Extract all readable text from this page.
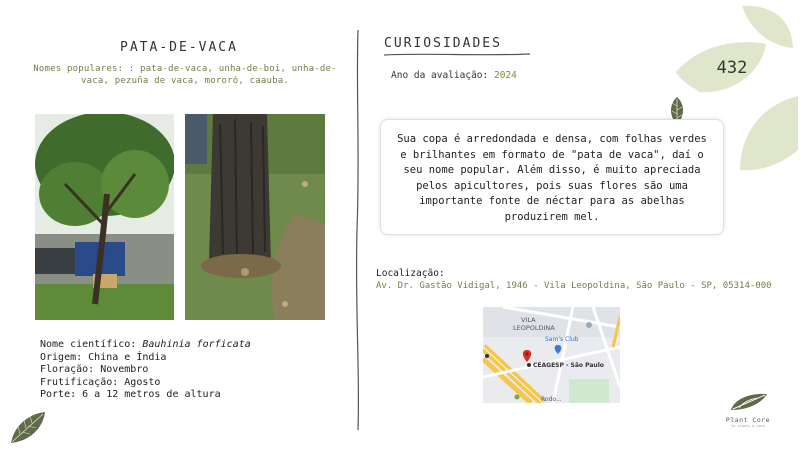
PATA-DE-VACA
Nomes populares: : pata-de-vaca, unha-de-boi, unha-de-vaca, pezuña de vaca, mororó, caauba.
Nome científico: Bauhinia forficata
Origem: China e Índia
Floração: Novembro
Frutificação: Agosto
Porte: 6 a 12 metros de altura
CURIOSIDADES
Ano da avaliação: 2024	432

Sua copa é arredondada e densa, com folhas verdes e brilhantes em formato de "pata de vaca", daí o seu nome popular. Além disso, é muito apreciada pelos apicultores, pois suas flores são uma importante fonte de néctar para as abelhas produzirem mel.

Localização:
Av. Dr. Gastão Vidigal, 1946 - Vila Leopoldina, São Paulo - SP, 05314-000
VILA
LEOPOLDINA
Sam's Club
CEAGESP - São Paulo
Rodo...
Plant Core
to plants & care
